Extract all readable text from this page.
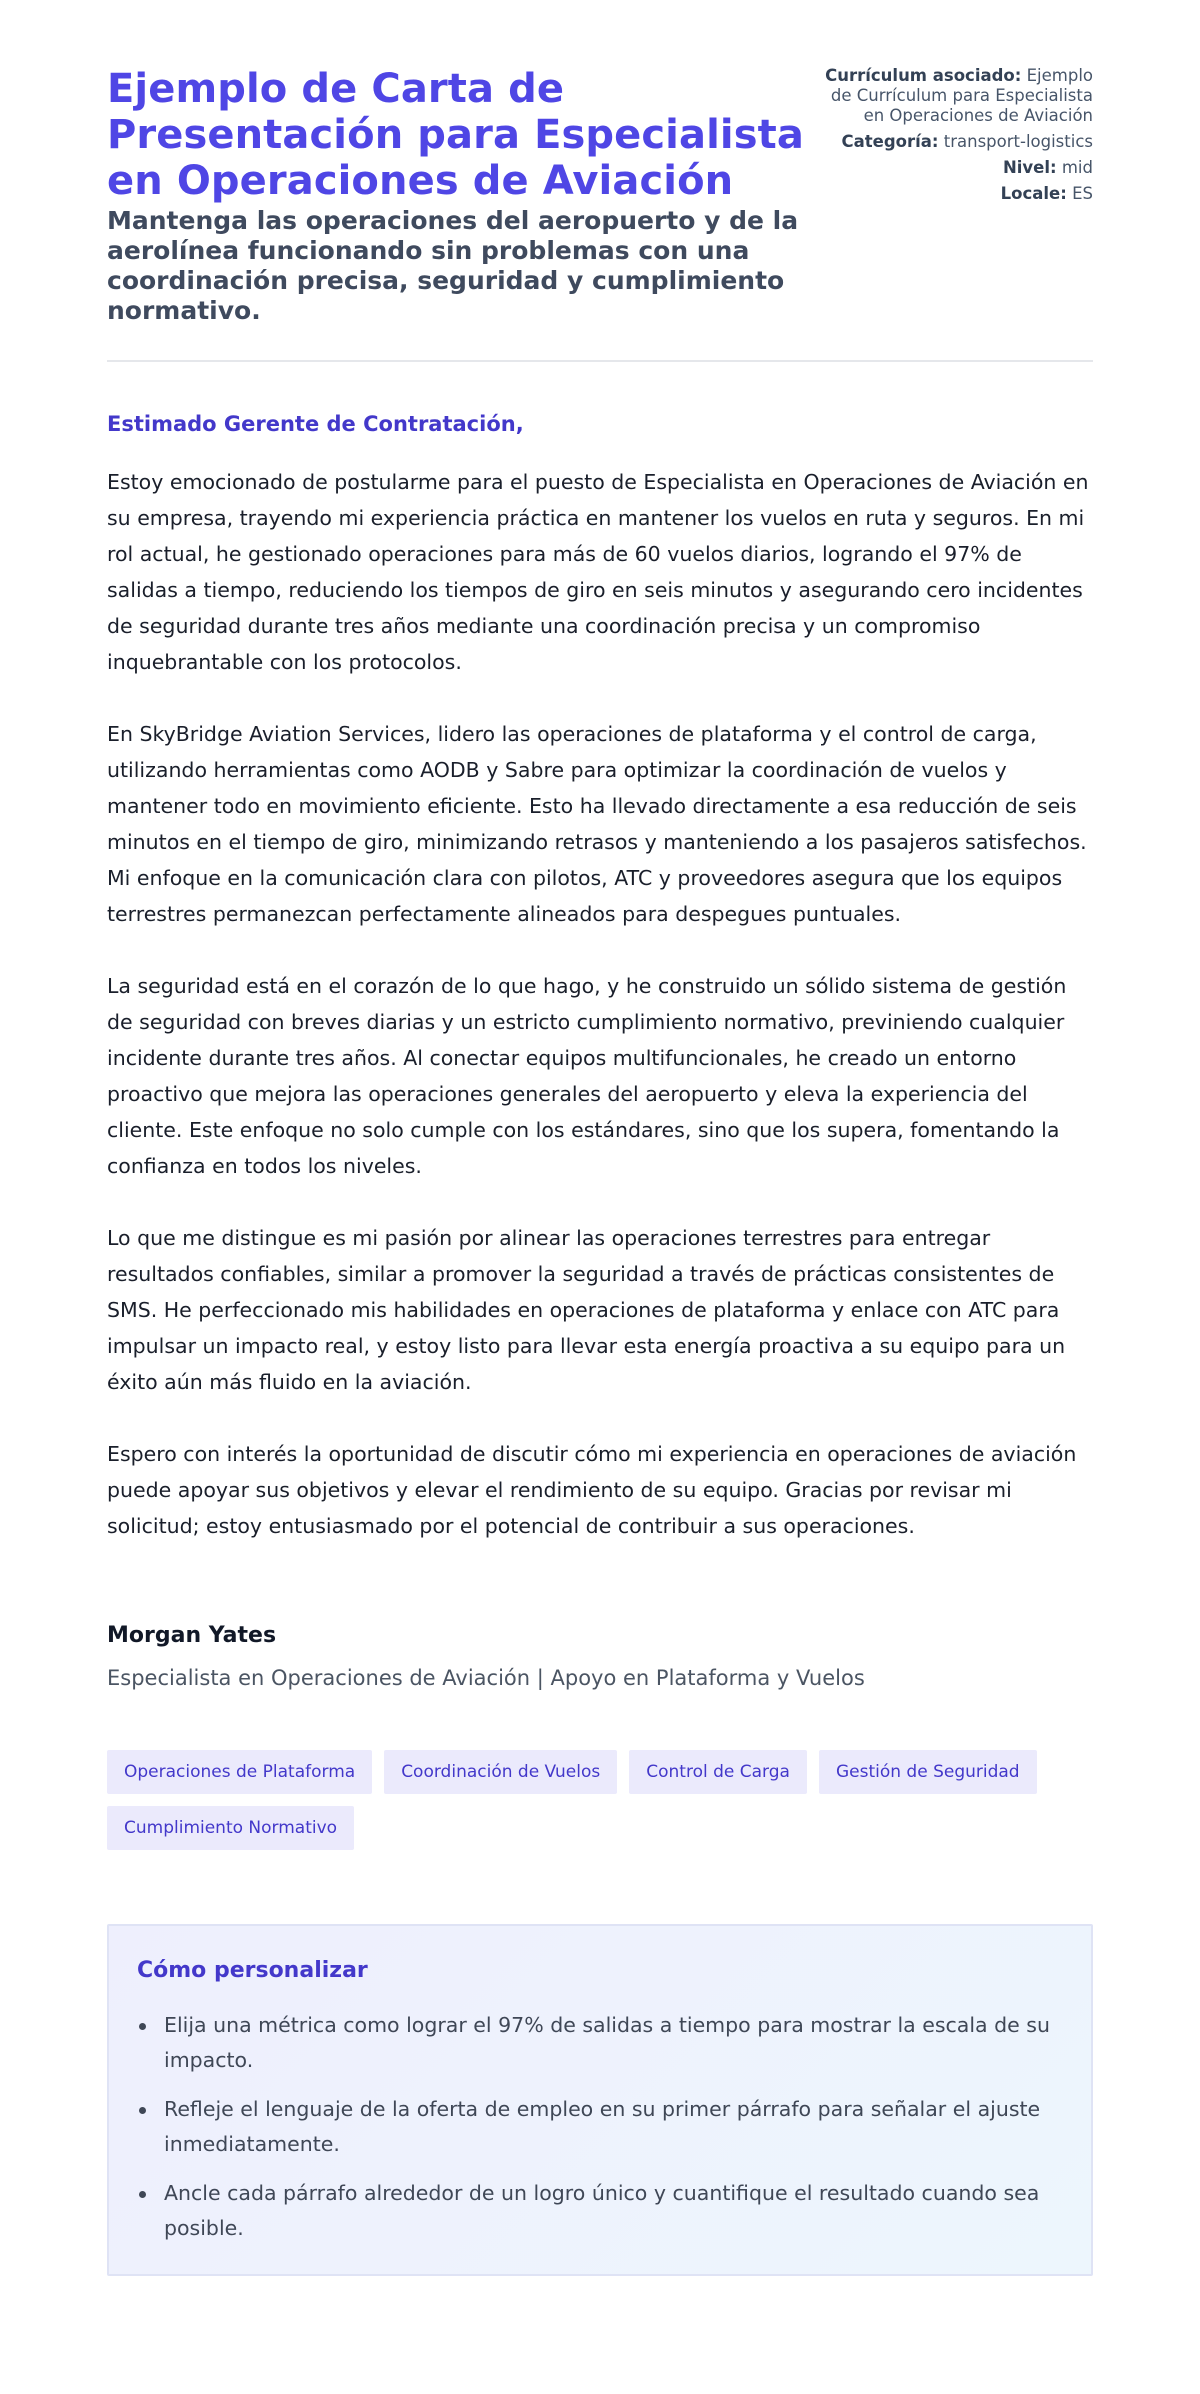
Ejemplo de Carta de Presentación para Especialista en Operaciones de Aviación
Mantenga las operaciones del aeropuerto y de la aerolínea funcionando sin problemas con una coordinación precisa, seguridad y cumplimiento normativo.
Currículum asociado: Ejemplo de Currículum para Especialista en Operaciones de Aviación
Categoría: transport-logistics
Nivel: mid
Locale: ES

Estimado Gerente de Contratación,

Estoy emocionado de postularme para el puesto de Especialista en Operaciones de Aviación en su empresa, trayendo mi experiencia práctica en mantener los vuelos en ruta y seguros. En mi rol actual, he gestionado operaciones para más de 60 vuelos diarios, logrando el 97% de salidas a tiempo, reduciendo los tiempos de giro en seis minutos y asegurando cero incidentes de seguridad durante tres años mediante una coordinación precisa y un compromiso inquebrantable con los protocolos.

En SkyBridge Aviation Services, lidero las operaciones de plataforma y el control de carga, utilizando herramientas como AODB y Sabre para optimizar la coordinación de vuelos y mantener todo en movimiento eficiente. Esto ha llevado directamente a esa reducción de seis minutos en el tiempo de giro, minimizando retrasos y manteniendo a los pasajeros satisfechos. Mi enfoque en la comunicación clara con pilotos, ATC y proveedores asegura que los equipos terrestres permanezcan perfectamente alineados para despegues puntuales.

La seguridad está en el corazón de lo que hago, y he construido un sólido sistema de gestión de seguridad con breves diarias y un estricto cumplimiento normativo, previniendo cualquier incidente durante tres años. Al conectar equipos multifuncionales, he creado un entorno proactivo que mejora las operaciones generales del aeropuerto y eleva la experiencia del cliente. Este enfoque no solo cumple con los estándares, sino que los supera, fomentando la confianza en todos los niveles.

Lo que me distingue es mi pasión por alinear las operaciones terrestres para entregar resultados confiables, similar a promover la seguridad a través de prácticas consistentes de SMS. He perfeccionado mis habilidades en operaciones de plataforma y enlace con ATC para impulsar un impacto real, y estoy listo para llevar esta energía proactiva a su equipo para un éxito aún más fluido en la aviación.

Espero con interés la oportunidad de discutir cómo mi experiencia en operaciones de aviación puede apoyar sus objetivos y elevar el rendimiento de su equipo. Gracias por revisar mi solicitud; estoy entusiasmado por el potencial de contribuir a sus operaciones.

Morgan Yates
Especialista en Operaciones de Aviación | Apoyo en Plataforma y Vuelos
Operaciones de Plataforma	Coordinación de Vuelos	Control de Carga	Gestión de Seguridad
Cumplimiento Normativo
Cómo personalizar
Elija una métrica como lograr el 97% de salidas a tiempo para mostrar la escala de su impacto.
Refleje el lenguaje de la oferta de empleo en su primer párrafo para señalar el ajuste inmediatamente.
Ancle cada párrafo alrededor de un logro único y cuantifique el resultado cuando sea posible.
